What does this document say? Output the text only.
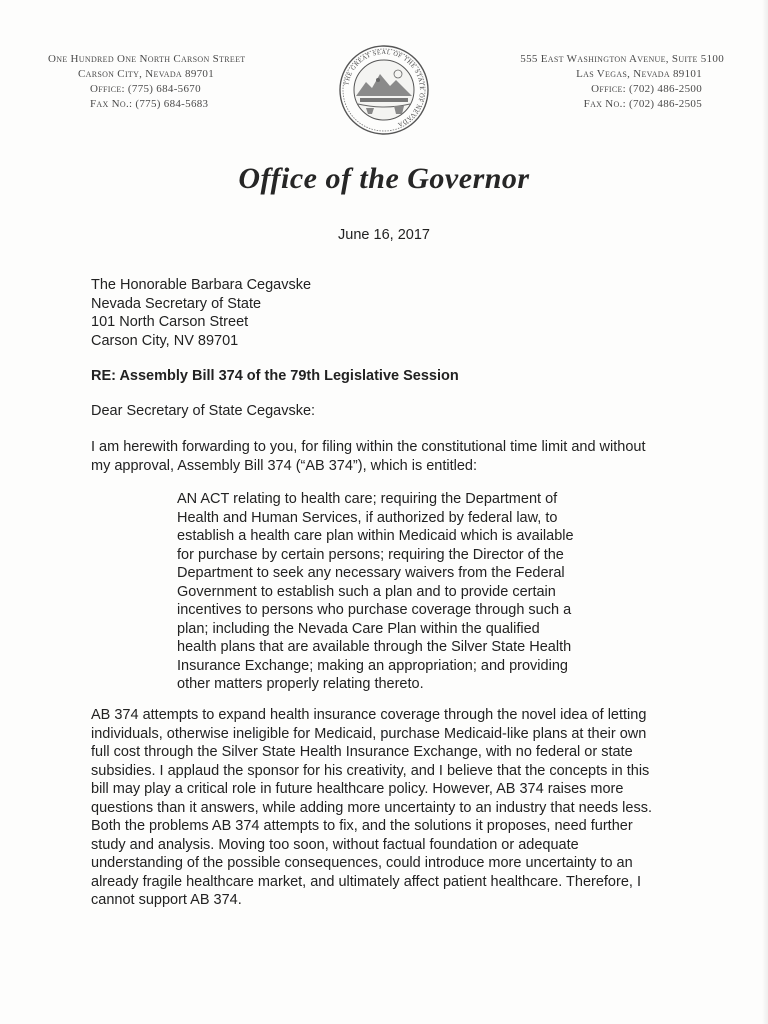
One Hundred One North Carson Street
Carson City, Nevada 89701
Office: (775) 684-5670
Fax No.: (775) 684-5683
THE GREAT SEAL OF THE STATE OF NEVADA
555 East Washington Avenue, Suite 5100
Las Vegas, Nevada 89101
Office: (702) 486-2500
Fax No.: (702) 486-2505
Office of the Governor
June 16, 2017
The Honorable Barbara Cegavske
Nevada Secretary of State
101 North Carson Street
Carson City, NV 89701
RE: Assembly Bill 374 of the 79th Legislative Session
Dear Secretary of State Cegavske:
I am herewith forwarding to you, for filing within the constitutional time limit and without
my approval, Assembly Bill 374 (“AB 374”), which is entitled:
AN ACT relating to health care; requiring the Department of
Health and Human Services, if authorized by federal law, to
establish a health care plan within Medicaid which is available
for purchase by certain persons; requiring the Director of the
Department to seek any necessary waivers from the Federal
Government to establish such a plan and to provide certain
incentives to persons who purchase coverage through such a
plan; including the Nevada Care Plan within the qualified
health plans that are available through the Silver State Health
Insurance Exchange; making an appropriation; and providing
other matters properly relating thereto.
AB 374 attempts to expand health insurance coverage through the novel idea of letting
individuals, otherwise ineligible for Medicaid, purchase Medicaid-like plans at their own
full cost through the Silver State Health Insurance Exchange, with no federal or state
subsidies. I applaud the sponsor for his creativity, and I believe that the concepts in this
bill may play a critical role in future healthcare policy. However, AB 374 raises more
questions than it answers, while adding more uncertainty to an industry that needs less.
Both the problems AB 374 attempts to fix, and the solutions it proposes, need further
study and analysis. Moving too soon, without factual foundation or adequate
understanding of the possible consequences, could introduce more uncertainty to an
already fragile healthcare market, and ultimately affect patient healthcare. Therefore, I
cannot support AB 374.
